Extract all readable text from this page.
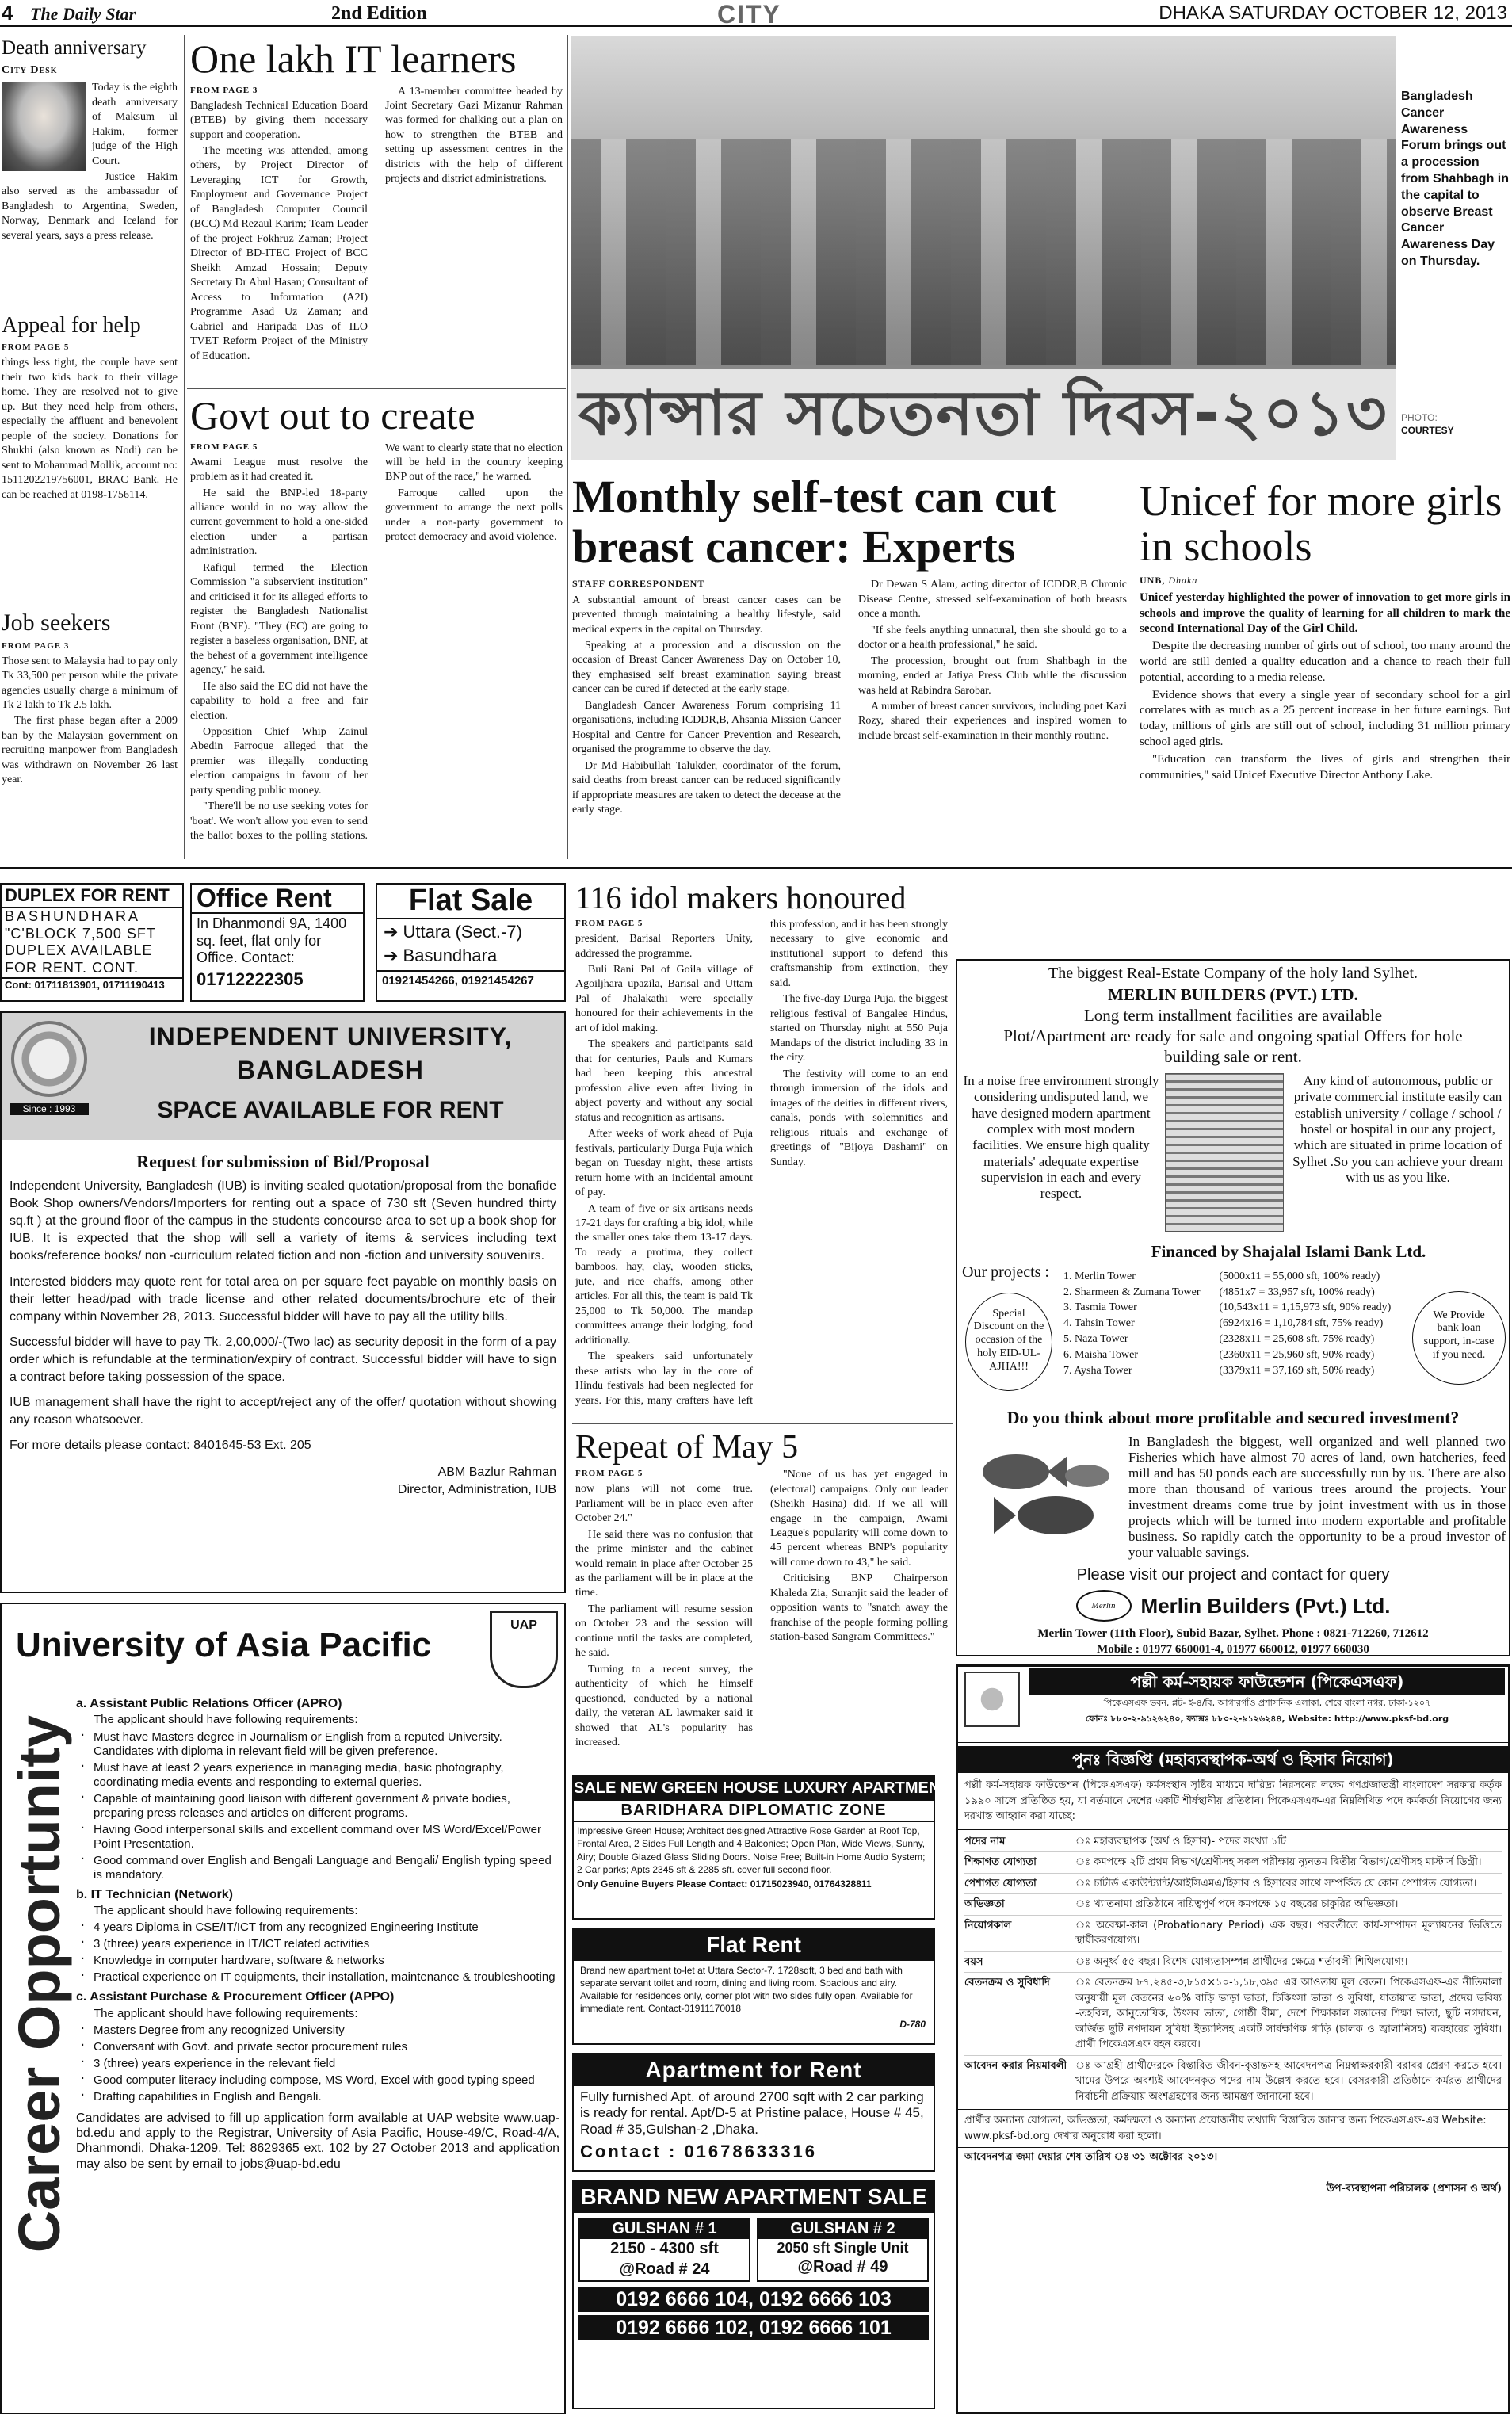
4 The Daily Star	2nd Edition	CITY	DHAKA SATURDAY OCTOBER 12, 2013
Death anniversary
City Desk

Today is the eighth death anniversary of Maksum ul Hakim, former judge of the High Court.

Justice Hakim also served as the ambassador of Bangladesh to Argentina, Sweden, Norway, Denmark and Iceland for several years, says a press release.

Appeal for help
FROM PAGE 5

things less tight, the couple have sent their two kids back to their village home. They are resolved not to give up. But they need help from others, especially the affluent and benevolent people of the society. Donations for Shukhi (also known as Nodi) can be sent to Mohammad Mollik, account no: 1511202219756001, BRAC Bank. He can be reached at 0198-1756114.

Job seekers
FROM PAGE 3

Those sent to Malaysia had to pay only Tk 33,500 per person while the private agencies usually charge a minimum of Tk 2 lakh to Tk 2.5 lakh.

The first phase began after a 2009 ban by the Malaysian government on recruiting manpower from Bangladesh was withdrawn on November 26 last year.

One lakh IT learners
FROM PAGE 3

Bangladesh Technical Education Board (BTEB) by giving them necessary support and cooperation.

The meeting was attended, among others, by Project Director of Leveraging ICT for Growth, Employment and Governance Project of Bangladesh Computer Council (BCC) Md Rezaul Karim; Team Leader of the project Fokhruz Zaman; Project Director of BD-ITEC Project of BCC Sheikh Amzad Hossain; Deputy Secretary Dr Abul Hasan; Consultant of Access to Information (A2I) Programme Asad Uz Zaman; and Gabriel and Haripada Das of ILO TVET Reform Project of the Ministry of Education.

A 13-member committee headed by Joint Secretary Gazi Mizanur Rahman was formed for chalking out a plan on how to strengthen the BTEB and setting up assessment centres in the districts with the help of different projects and district administrations.

Govt out to create
FROM PAGE 5

Awami League must resolve the problem as it had created it.

He said the BNP-led 18-party alliance would in no way allow the current government to hold a one-sided election under a partisan administration.

Rafiqul termed the Election Commission "a subservient institution" and criticised it for its alleged efforts to register the Bangladesh Nationalist Front (BNF). "They (EC) are going to register a baseless organisation, BNF, at the behest of a government intelligence agency," he said.

He also said the EC did not have the capability to hold a free and fair election.

Opposition Chief Whip Zainul Abedin Farroque alleged that the premier was illegally conducting election campaigns in favour of her party spending public money.

"There'll be no use seeking votes for 'boat'. We won't allow you even to send the ballot boxes to the polling stations. We want to clearly state that no election will be held in the country keeping BNP out of the race," he warned.

Farroque called upon the government to arrange the next polls under a non-party government to protect democracy and avoid violence.

ক্যান্সার সচেতনতা দিবস-২০১৩
Bangladesh Cancer Awareness Forum brings out a procession from Shahbagh in the capital to observe Breast Cancer Awareness Day on Thursday.
PHOTO:
COURTESY
Monthly self-test can cut breast cancer: Experts
STAFF CORRESPONDENT

A substantial amount of breast cancer cases can be prevented through maintaining a healthy lifestyle, said medical experts in the capital on Thursday.

Speaking at a procession and a discussion on the occasion of Breast Cancer Awareness Day on October 10, they emphasised self breast examination saying breast cancer can be cured if detected at the early stage.

Bangladesh Cancer Awareness Forum comprising 11 organisations, including ICDDR,B, Ahsania Mission Cancer Hospital and Centre for Cancer Prevention and Research, organised the programme to observe the day.

Dr Md Habibullah Talukder, coordinator of the forum, said deaths from breast cancer can be reduced significantly if appropriate measures are taken to detect the decease at the early stage.

Dr Dewan S Alam, acting director of ICDDR,B Chronic Disease Centre, stressed self-examination of both breasts once a month.

"If she feels anything unnatural, then she should go to a doctor or a health professional," he said.

The procession, brought out from Shahbagh in the morning, ended at Jatiya Press Club while the discussion was held at Rabindra Sarobar.

A number of breast cancer survivors, including poet Kazi Rozy, shared their experiences and inspired women to include breast self-examination in their monthly routine.

Unicef for more girls in schools
UNB, Dhaka

Unicef yesterday highlighted the power of innovation to get more girls in schools and improve the quality of learning for all children to mark the second International Day of the Girl Child.

Despite the decreasing number of girls out of school, too many around the world are still denied a quality education and a chance to reach their full potential, according to a media release.

Evidence shows that every a single year of secondary school for a girl correlates with as much as a 25 percent increase in her future earnings. But today, millions of girls are still out of school, including 31 million primary school aged girls.

"Education can transform the lives of girls and strengthen their communities," said Unicef Executive Director Anthony Lake.

DUPLEX FOR RENT
BASHUNDHARA
"C'BLOCK 7,500 SFT
DUPLEX AVAILABLE
FOR RENT. CONT.
Cont: 01711813901, 01711190413
Office Rent
In Dhanmondi 9A, 1400 sq. feet, flat only for Office. Contact:
01712222305
Flat Sale
➔ Uttara (Sect.-7)
➔ Basundhara
01921454266, 01921454267
Since : 1993
INDEPENDENT UNIVERSITY,
BANGLADESH
SPACE AVAILABLE FOR RENT
Request for submission of Bid/Proposal

Independent University, Bangladesh (IUB) is inviting sealed quotation/proposal from the bonafide Book Shop owners/Vendors/Importers for renting out a space of 730 sft (Seven hundred thirty sq.ft ) at the ground floor of the campus in the students concourse area to set up a book shop for IUB. It is expected that the shop will sell a variety of items & services including text books/reference books/ non -curriculum related fiction and non -fiction and university souvenirs.

Interested bidders may quote rent for total area on per square feet payable on monthly basis on their letter head/pad with trade license and other related documents/brochure etc of their company within November 28, 2013. Successful bidder will have to pay all the utility bills.

Successful bidder will have to pay Tk. 2,00,000/-(Two lac) as security deposit in the form of a pay order which is refundable at the termination/expiry of contract. Successful bidder will have to sign a contract before taking possession of the space.

IUB management shall have the right to accept/reject any of the offer/ quotation without showing any reason whatsoever.

For more details please contact: 8401645-53 Ext. 205

ABM Bazlur Rahman

Director, Administration, IUB

116 idol makers honoured
FROM PAGE 5

president, Barisal Reporters Unity, addressed the programme.

Buli Rani Pal of Goila village of Agoiljhara upazila, Barisal and Uttam Pal of Jhalakathi were specially honoured for their achievements in the art of idol making.

The speakers and participants said that for centuries, Pauls and Kumars had been keeping this ancestral profession alive even after living in abject poverty and without any social status and recognition as artisans.

After weeks of work ahead of Puja festivals, particularly Durga Puja which began on Tuesday night, these artists return home with an incidental amount of pay.

A team of five or six artisans needs 17-21 days for crafting a big idol, while the smaller ones take them 13-17 days. To ready a protima, they collect bamboos, hay, clay, wooden sticks, jute, and rice chaffs, among other articles. For all this, the team is paid Tk 25,000 to Tk 50,000. The mandap committees arrange their lodging, food additionally.

The speakers said unfortunately these artists who lay in the core of Hindu festivals had been neglected for years. For this, many crafters have left this profession, and it has been strongly necessary to give economic and institutional support to defend this craftsmanship from extinction, they said.

The five-day Durga Puja, the biggest religious festival of Bangalee Hindus, started on Thursday night at 550 Puja Mandaps of the district including 33 in the city.

The festivity will come to an end through immersion of the idols and images of the deities in different rivers, canals, ponds with solemnities and religious rituals and exchange of greetings of "Bijoya Dashami" on Sunday.

Repeat of May 5
FROM PAGE 5

now plans will not come true. Parliament will be in place even after October 24."

He said there was no confusion that the prime minister and the cabinet would remain in place after October 25 as the parliament will be in place at the time.

The parliament will resume session on October 23 and the session will continue until the tasks are completed, he said.

Turning to a recent survey, the authenticity of which he himself questioned, conducted by a national daily, the veteran AL lawmaker said it showed that AL's popularity has increased.

"None of us has yet engaged in (electoral) campaigns. Only our leader (Sheikh Hasina) did. If we all will engage in the campaign, Awami League's popularity will come down to 45 percent whereas BNP's popularity will come down to 43," he said.

Criticising BNP Chairperson Khaleda Zia, Suranjit said the leader of opposition wants to "snatch away the franchise of the people forming polling station-based Sangram Committees."

The biggest Real-Estate Company of the holy land Sylhet.
MERLIN BUILDERS (PVT.) LTD.
Long term installment facilities are available
Plot/Apartment are ready for sale and ongoing spatial Offers for hole building sale or rent.
In a noise free environment strongly considering undisputed land, we have designed modern apartment complex with most modern facilities. We ensure high quality materials' adequate expertise supervision in each and every respect.
Any kind of autonomous, public or private commercial institute easily can establish university / collage / school / hostel or hospital in our any project, which are situated in prime location of Sylhet .So you can achieve your dream with us as you like.
Financed by Shajalal Islami Bank Ltd.
Our projects :
Special Discount on the occasion of the holy EID-UL-AJHA!!!
1. Merlin Tower	(5000x11 = 55,000 sft, 100% ready)
2. Sharmeen & Zumana Tower	(4851x7 = 33,957 sft, 100% ready)
3. Tasmia Tower	(10,543x11 = 1,15,973 sft, 90% ready)
4. Tahsin Tower	(6924x16 = 1,10,784 sft, 75% ready)
5. Naza Tower	(2328x11 = 25,608 sft, 75% ready)
6. Maisha Tower	(2360x11 = 25,960 sft, 90% ready)
7. Aysha Tower	(3379x11 = 37,169 sft, 50% ready)
We Provide bank loan support, in-case if you need.
Do you think about more profitable and secured investment?
In Bangladesh the biggest, well organized and well planned two Fisheries which have almost 70 acres of land, own hatcheries, feed mill and has 50 ponds each are successfully run by us. There are also more than thousand of various trees around the projects. Your investment dreams come true by joint investment with us in those projects which will be turned into modern exportable and profitable business. So rapidly catch the opportunity to be a proud investor of your valuable savings.
Please visit our project and contact for query
Merlin	Merlin Builders (Pvt.) Ltd.
Merlin Tower (11th Floor), Subid Bazar, Sylhet. Phone : 0821-712260, 712612
Mobile : 01977 660001-4, 01977 660012, 01977 660030
Career Opportunity
University of Asia Pacific
UAP
a. Assistant Public Relations Officer (APRO)
The applicant should have following requirements:
· Must have Masters degree in Journalism or English from a reputed University. Candidates with diploma in relevant field will be given preference.
· Must have at least 2 years experience in managing media, basic photography, coordinating media events and responding to external queries.
· Capable of maintaining good liaison with different government & private bodies, preparing press releases and articles on different programs.
· Having Good interpersonal skills and excellent command over MS Word/Excel/Power Point Presentation.
· Good command over English and Bengali Language and Bengali/ English typing speed is mandatory.
b. IT Technician (Network)
The applicant should have following requirements:
· 4 years Diploma in CSE/IT/ICT from any recognized Engineering Institute
· 3 (three) years experience in IT/ICT related activities
· Knowledge in computer hardware, software & networks
· Practical experience on IT equipments, their installation, maintenance & troubleshooting
c. Assistant Purchase & Procurement Officer (APPO)
The applicant should have following requirements:
· Masters Degree from any recognized University
· Conversant with Govt. and private sector procurement rules
· 3 (three) years experience in the relevant field
· Good computer literacy including compose, MS Word, Excel with good typing speed
· Drafting capabilities in English and Bengali.
Candidates are advised to fill up application form available at UAP website www.uap-bd.edu and apply to the Registrar, University of Asia Pacific, House-49/C, Road-4/A, Dhanmondi, Dhaka-1209. Tel: 8629365 ext. 102 by 27 October 2013 and application may also be sent by email to jobs@uap-bd.edu
SALE NEW GREEN HOUSE LUXURY APARTMENT
BARIDHARA DIPLOMATIC ZONE
Impressive Green House; Architect designed Attractive Rose Garden at Roof Top, Frontal Area, 2 Sides Full Length and 4 Balconies; Open Plan, Wide Views, Sunny, Airy; Double Glazed Glass Sliding Doors. Noise Free; Built-in Home Audio System; 2 Car parks; Apts 2345 sft & 2285 sft. cover full second floor.
Only Genuine Buyers Please Contact: 01715023940, 01764328811
Flat Rent
Brand new apartment to-let at Uttara Sector-7. 1728sqft, 3 bed and bath with separate servant toilet and room, dining and living room. Spacious and airy. Available for residences only, corner plot with two sides fully open. Available for immediate rent. Contact-01911170018
D-780
Apartment for Rent
Fully furnished Apt. of around 2700 sqft with 2 car parking is ready for rental. Apt/D-5 at Pristine palace, House # 45, Road # 35,Gulshan-2 ,Dhaka.
Contact : 01678633316
BRAND NEW APARTMENT SALE
GULSHAN # 1
2150 - 4300 sft
@Road # 24
GULSHAN # 2
2050 sft Single Unit
@Road # 49
0192 6666 104, 0192 6666 103
0192 6666 102, 0192 6666 101
পল্লী কর্ম-সহায়ক ফাউন্ডেশন (পিকেএসএফ)
পিকেএসএফ ভবন, প্লট- ই-৪/বি, আগারগাঁও প্রশাসনিক এলাকা, শেরে বাংলা নগর, ঢাকা-১২০৭
ফোনঃ ৮৮০-২-৯১২৬২৪০, ফ্যাক্সঃ ৮৮০-২-৯১২৬২৪৪, Website: http://www.pksf-bd.org
পুনঃ বিজ্ঞপ্তি (মহাব্যবস্থাপক-অর্থ ও হিসাব নিয়োগ)
পল্লী কর্ম-সহায়ক ফাউন্ডেশন (পিকেএসএফ) কর্মসংস্থান সৃষ্টির মাধ্যমে দারিদ্র্য নিরসনের লক্ষ্যে গণপ্রজাতন্ত্রী বাংলাদেশ সরকার কর্তৃক ১৯৯০ সালে প্রতিষ্ঠিত হয়, যা বর্তমানে দেশের একটি শীর্ষস্থানীয় প্রতিষ্ঠান। পিকেএসএফ-এর নিম্নলিখিত পদে কর্মকর্তা নিয়োগের জন্য দরখাস্ত আহ্বান করা যাচ্ছে:
পদের নাম	ঃ মহাব্যবস্থাপক (অর্থ ও হিসাব)- পদের সংখ্যা ১টি
শিক্ষাগত যোগ্যতা	ঃ কমপক্ষে ২টি প্রথম বিভাগ/শ্রেণীসহ সকল পরীক্ষায় ন্যূনতম দ্বিতীয় বিভাগ/শ্রেণীসহ মাস্টার্স ডিগ্রী।
পেশাগত যোগ্যতা	ঃ চার্টার্ড একাউন্ট্যান্ট/আইসিএমএ/হিসাব ও হিসাবের সাথে সম্পর্কিত যে কোন পেশাগত যোগ্যতা।
অভিজ্ঞতা	ঃ খ্যাতনামা প্রতিষ্ঠানে দায়িত্বপূর্ণ পদে কমপক্ষে ১৫ বছরের চাকুরির অভিজ্ঞতা।
নিয়োগকাল	ঃ অবেক্ষা-কাল (Probationary Period) এক বছর। পরবর্তীতে কার্য-সম্পাদন মূল্যায়নের ভিত্তিতে স্থায়ীকরণযোগ্য।
বয়স	ঃ অনূর্ধ্ব ৫৫ বছর। বিশেষ যোগ্যতাসম্পন্ন প্রার্থীদের ক্ষেত্রে শর্তাবলী শিথিলযোগ্য।
বেতনক্রম ও সুবিধাদি	ঃ বেতনক্রম ৮৭,২৪৫-৩,৮১৫×১০-১,১৮,৩৯৫ এর আওতায় মূল বেতন। পিকেএসএফ-এর নীতিমালা অনুযায়ী মূল বেতনের ৬০% বাড়ি ভাড়া ভাতা, চিকিৎসা ভাতা ও সুবিধা, যাতায়াত ভাতা, প্রদেয় ভবিষ্য -তহবিল, আনুতোষিক, উৎসব ভাতা, গোষ্ঠী বীমা, দেশে শিক্ষাকাল সন্তানের শিক্ষা ভাতা, ছুটি নগদায়ন, অর্জিত ছুটি নগদায়ন সুবিধা ইত্যাদিসহ একটি সার্বক্ষণিক গাড়ি (চালক ও জ্বালানিসহ) ব্যবহারের সুবিধা। প্রার্থী পিকেএসএফ বহন করবে।
আবেদন করার নিয়মাবলী ঃ আগ্রহী প্রার্থীদেরকে বিস্তারিত জীবন-বৃত্তান্তসহ আবেদনপত্র নিম্নস্বাক্ষরকারী বরাবর প্রেরণ করতে হবে। খামের উপরে অবশ্যই আবেদনকৃত পদের নাম উল্লেখ করতে হবে। বেসরকারী প্রতিষ্ঠানে কর্মরত প্রার্থীদের নির্বাচনী প্রক্রিয়ায় অংশগ্রহণের জন্য আমন্ত্রণ জানানো হবে।
প্রার্থীর অন্যান্য যোগ্যতা, অভিজ্ঞতা, কর্মদক্ষতা ও অন্যান্য প্রয়োজনীয় তথ্যাদি বিস্তারিত জানার জন্য পিকেএসএফ-এর Website: www.pksf-bd.org দেখার অনুরোধ করা হলো।
আবেদনপত্র জমা দেয়ার শেষ তারিখ ঃ ৩১ অক্টোবর ২০১৩।
উপ-ব্যবস্থাপনা পরিচালক (প্রশাসন ও অর্থ)
